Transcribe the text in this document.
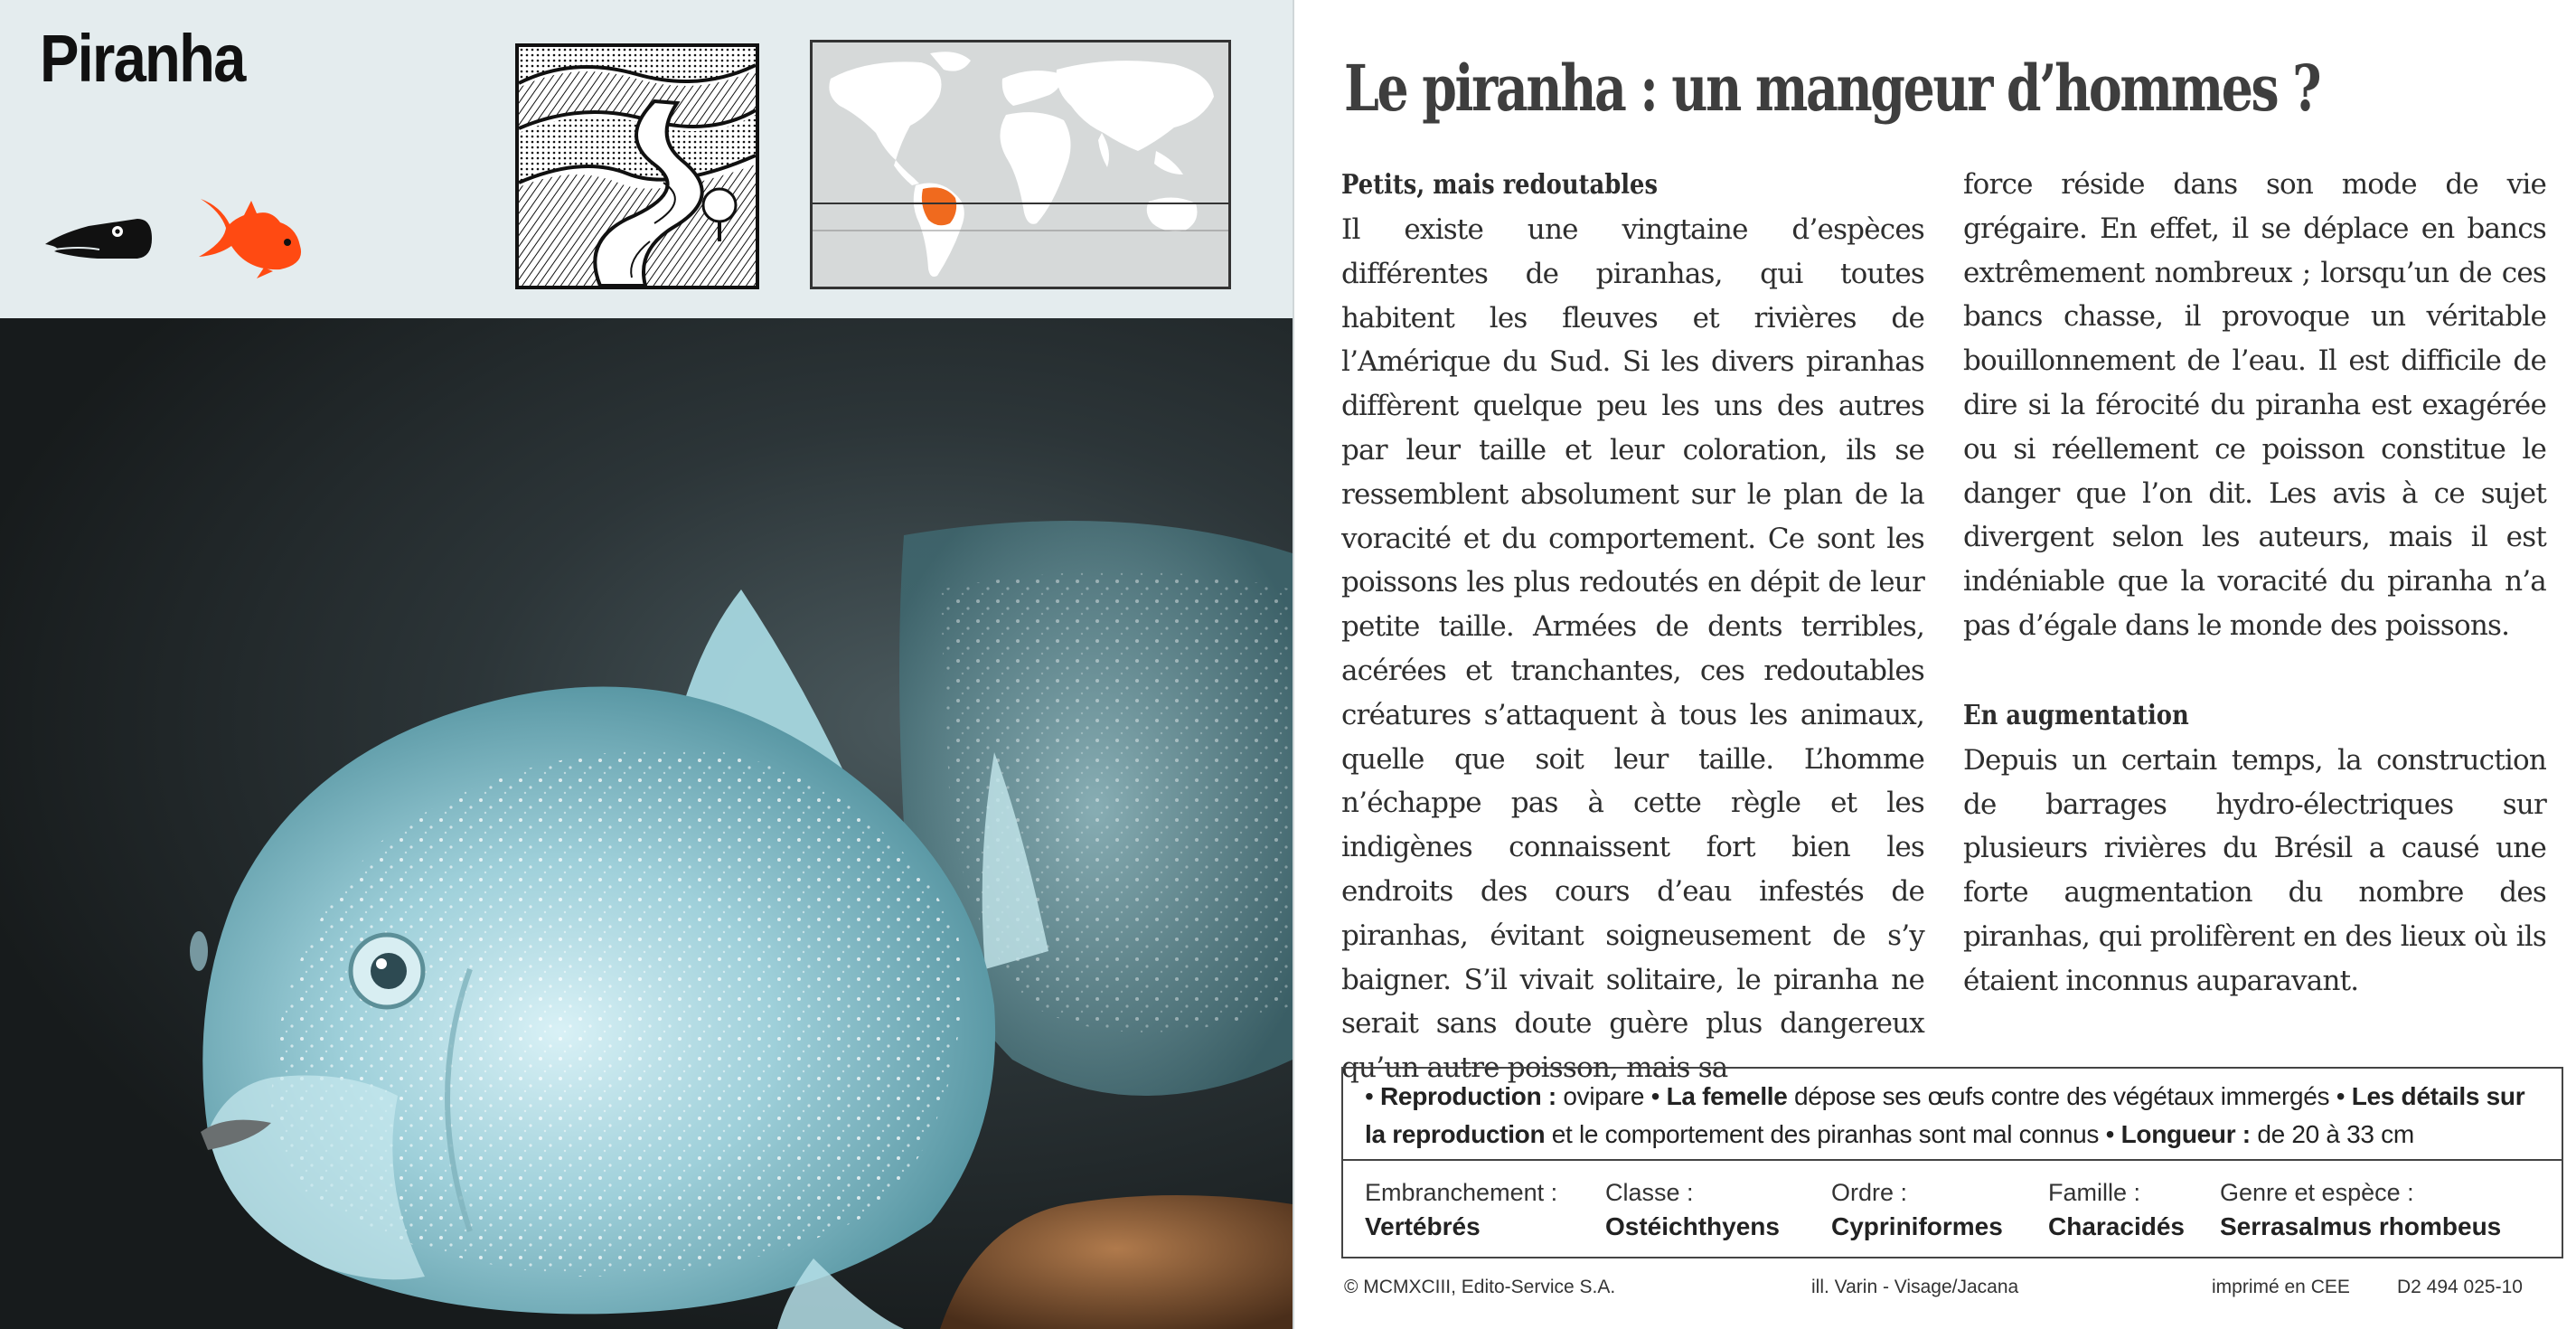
Piranha	Le piranha : un mangeur d’hommes ?
Petits, mais redoutables

Il existe une vingtaine d’espèces différentes de piranhas, qui toutes habitent les fleuves et rivières de l’Amérique du Sud. Si les divers piranhas diffèrent quelque peu les uns des autres par leur taille et leur coloration, ils se ressemblent absolument sur le plan de la voracité et du comportement. Ce sont les poissons les plus redoutés en dépit de leur petite taille. Armées de dents terribles, acérées et tranchantes, ces redoutables créatures s’attaquent à tous les animaux, quelle que soit leur taille. L’homme n’échappe pas à cette règle et les indigènes connaissent fort bien les endroits des cours d’eau infestés de piranhas, évitant soigneusement de s’y baigner. S’il vivait solitaire, le piranha ne serait sans doute guère plus dangereux qu’un autre poisson, mais sa

force réside dans son mode de vie grégaire. En effet, il se déplace en bancs extrêmement nombreux ; lorsqu’un de ces bancs chasse, il provoque un véritable bouillonnement de l’eau. Il est difficile de dire si la férocité du piranha est exagérée ou si réellement ce poisson constitue le danger que l’on dit. Les avis à ce sujet divergent selon les auteurs, mais il est indéniable que la voracité du piranha n’a pas d’égale dans le monde des poissons.

En augmentation

Depuis un certain temps, la construction de barrages hydro-électriques sur plusieurs rivières du Brésil a causé une forte augmentation du nombre des piranhas, qui prolifèrent en des lieux où ils étaient inconnus auparavant.

• Reproduction : ovipare • La femelle dépose ses œufs contre des végétaux immergés • Les détails sur la reproduction et le comportement des piranhas sont mal connus • Longueur : de 20 à 33 cm
Embranchement :
Vertébrés
Classe :
Ostéichthyens
Ordre :
Cypriniformes
Famille :
Characidés
Genre et espèce :
Serrasalmus rhombeus
© MCMXCIII, Edito-Service S.A.	ill. Varin - Visage/Jacana	imprimé en CEE D2 494 025-10
